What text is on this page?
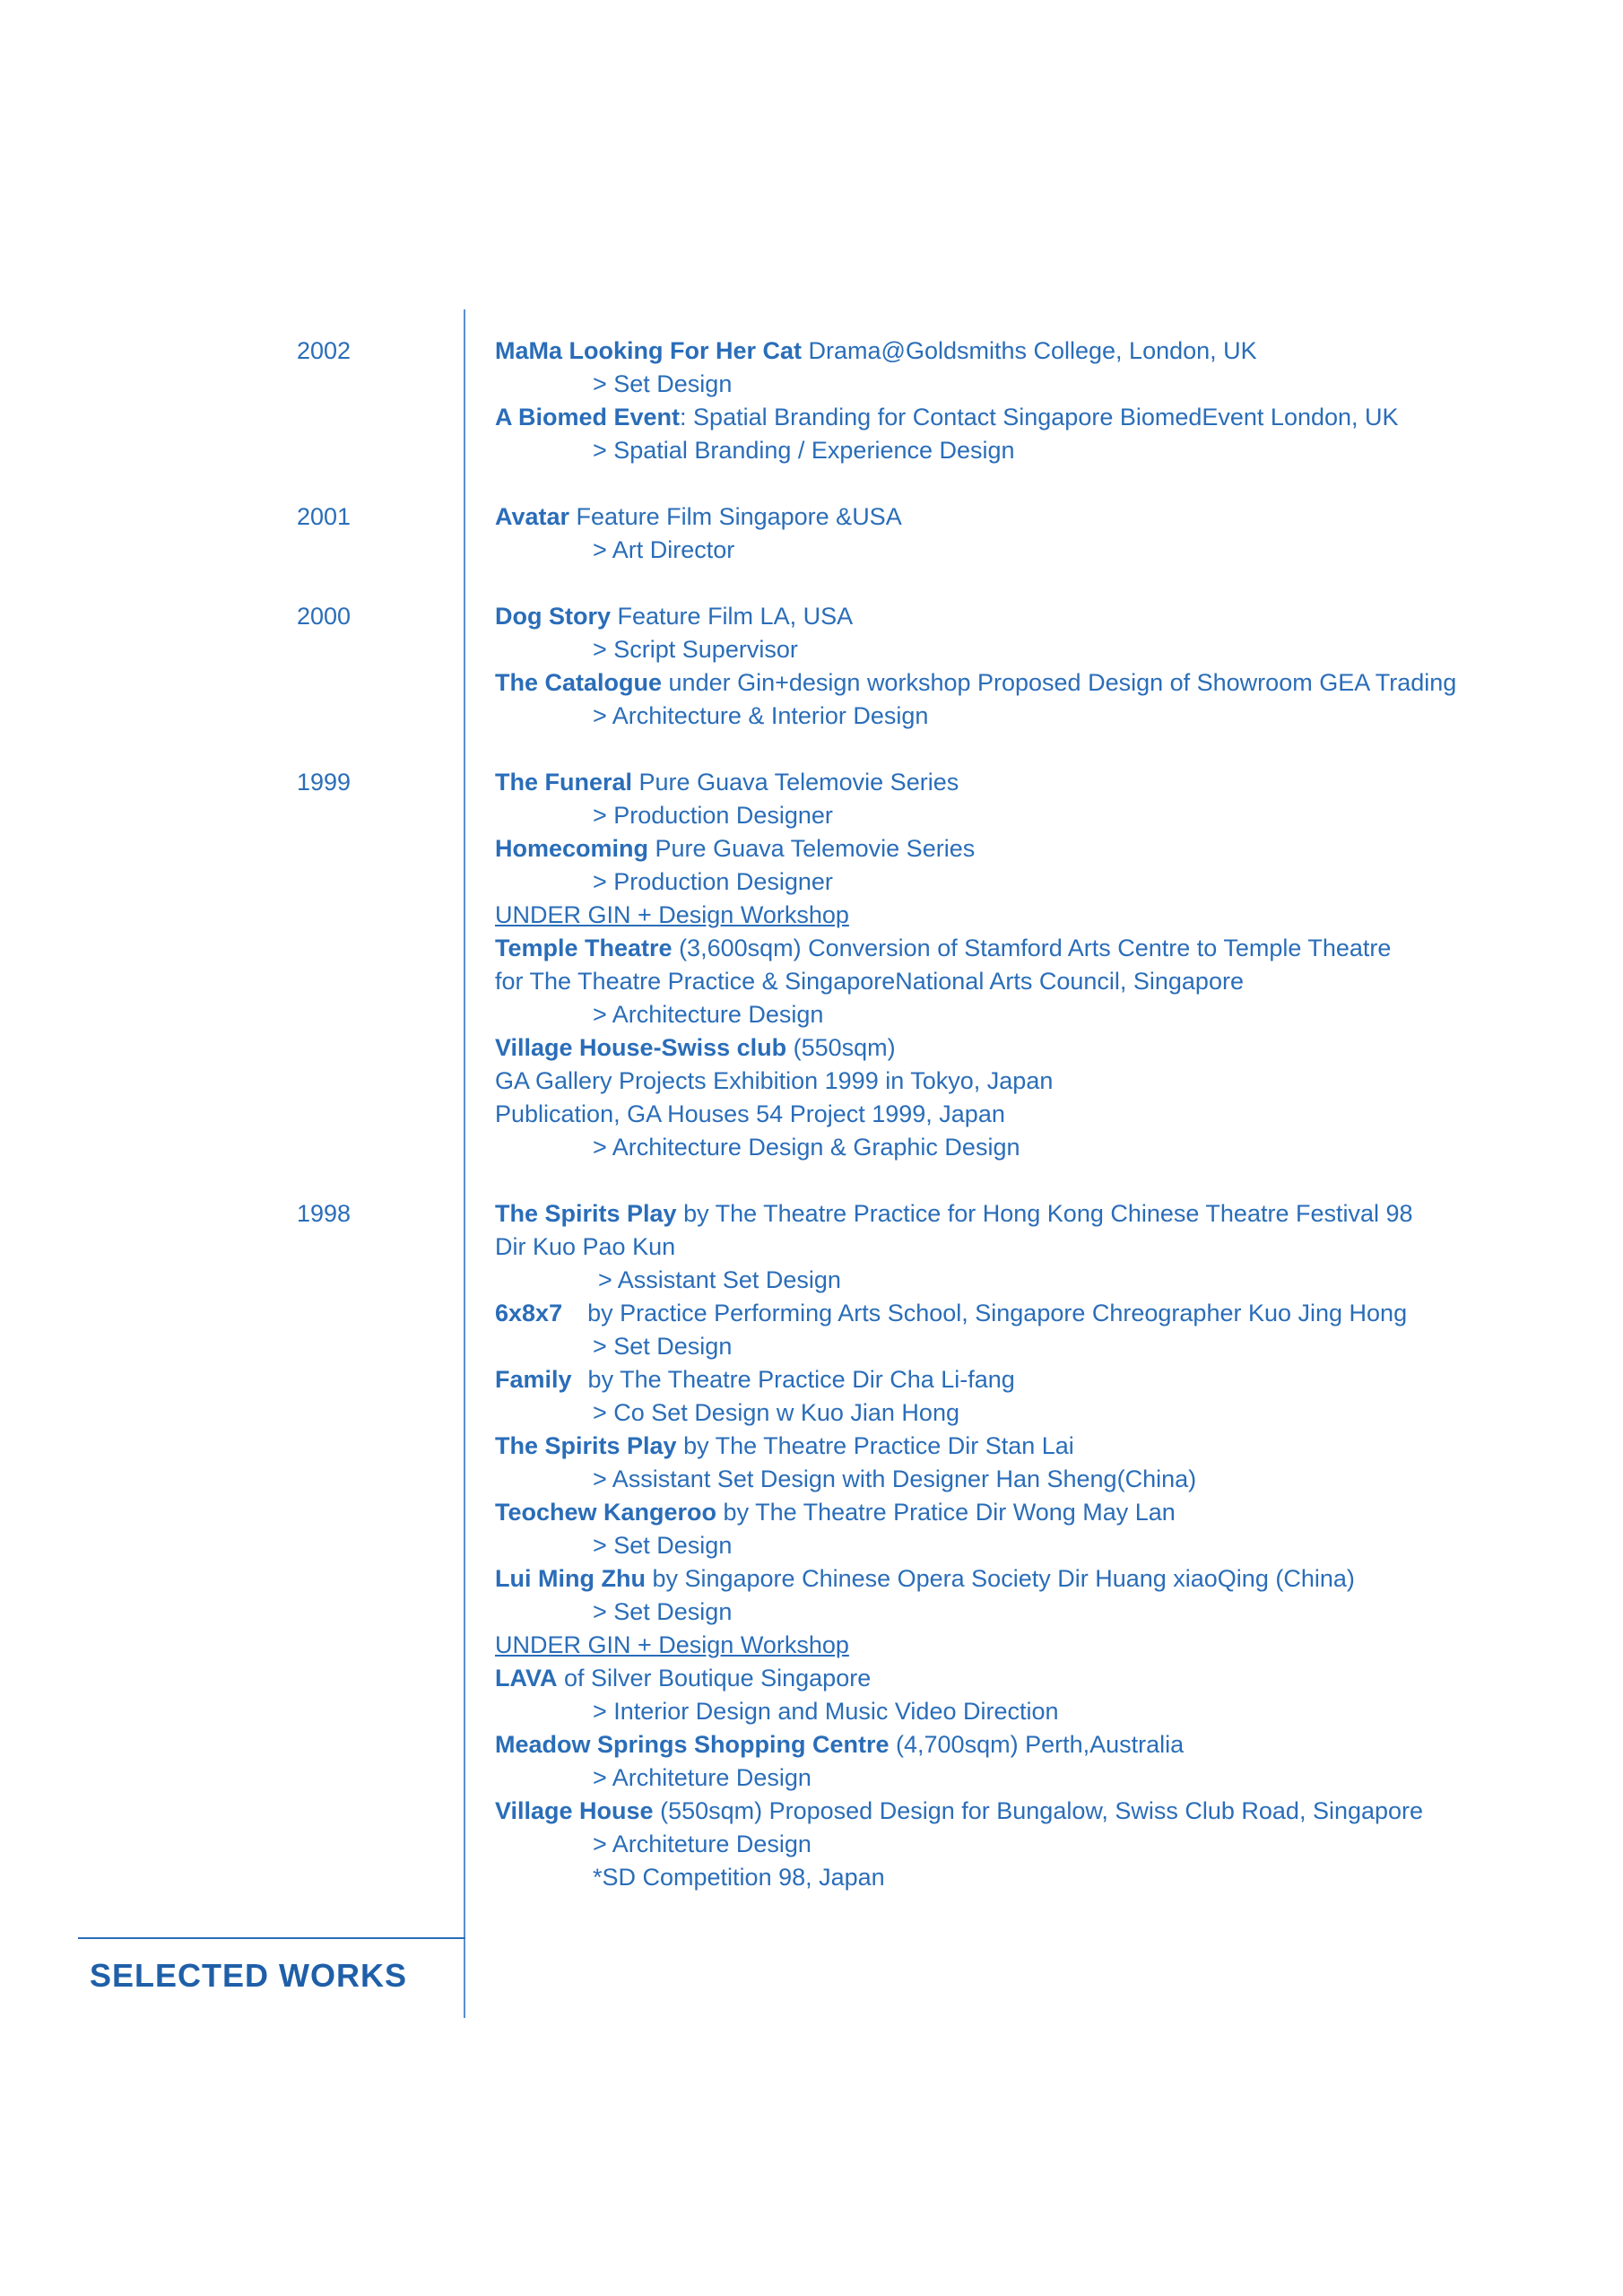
2002
2001
2000
1999
1998
MaMa Looking For Her Cat Drama@Goldsmiths College, London, UK
> Set Design
A Biomed Event: Spatial Branding for Contact Singapore BiomedEvent London, UK
> Spatial Branding / Experience Design
Avatar Feature Film Singapore &USA
> Art Director
Dog Story Feature Film LA, USA
> Script Supervisor
The Catalogue under Gin+design workshop Proposed Design of Showroom GEA Trading
> Architecture & Interior Design
The Funeral Pure Guava Telemovie Series
> Production Designer
Homecoming Pure Guava Telemovie Series
> Production Designer
UNDER GIN + Design Workshop
Temple Theatre (3,600sqm) Conversion of Stamford Arts Centre to Temple Theatre
for The Theatre Practice & SingaporeNational Arts Council, Singapore
> Architecture Design
Village House-Swiss club (550sqm)
GA Gallery Projects Exhibition 1999 in Tokyo, Japan
Publication, GA Houses 54 Project 1999, Japan
> Architecture Design & Graphic Design
The Spirits Play by The Theatre Practice for Hong Kong Chinese Theatre Festival 98
Dir Kuo Pao Kun
> Assistant Set Design
6x8x7 by Practice Performing Arts School, Singapore Chreographer Kuo Jing Hong
> Set Design
Family by The Theatre Practice Dir Cha Li-fang
> Co Set Design w Kuo Jian Hong
The Spirits Play by The Theatre Practice Dir Stan Lai
> Assistant Set Design with Designer Han Sheng(China)
Teochew Kangeroo by The Theatre Pratice Dir Wong May Lan
> Set Design
Lui Ming Zhu by Singapore Chinese Opera Society Dir Huang xiaoQing (China)
> Set Design
UNDER GIN + Design Workshop
LAVA of Silver Boutique Singapore
> Interior Design and Music Video Direction
Meadow Springs Shopping Centre (4,700sqm) Perth,Australia
> Architeture Design
Village House (550sqm) Proposed Design for Bungalow, Swiss Club Road, Singapore
> Architeture Design
*SD Competition 98, Japan
SELECTED WORKS
